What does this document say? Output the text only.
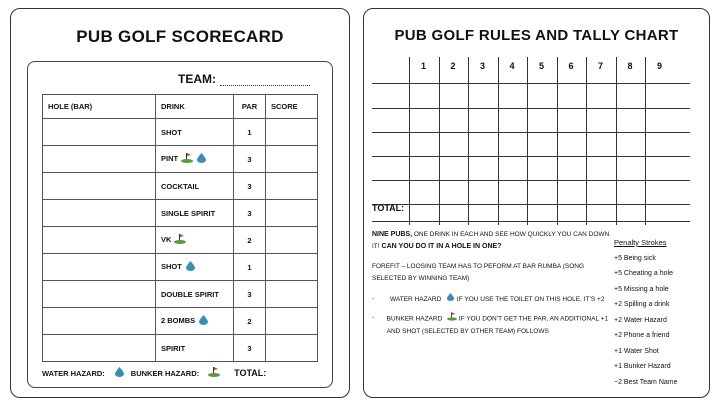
PUB GOLF SCORECARD
TEAM:
HOLE (BAR)	DRINK	PAR	SCORE
	SHOT	1	
	PINT	3	
	COCKTAIL	3	
	SINGLE SPIRIT	3	
	VK	2	
	SHOT	1	
	DOUBLE SPIRIT	3	
	2 BOMBS	2	
	SPIRIT	3	
WATER HAZARD:	BUNKER HAZARD:	TOTAL:
PUB GOLF RULES AND TALLY CHART
1	2	3	4	5	6	7	8	9
TOTAL:

NINE PUBS, ONE DRINK IN EACH AND SEE HOW QUICKLY YOU CAN DOWN IT! CAN YOU DO IT IN A HOLE IN ONE?

FOREFIT – LOOSING TEAM HAS TO PEFORM AT BAR RUMBA (SONG SELECTED BY WINNING TEAM)

-	WATER HAZARD  IF YOU USE THE TOILET ON THIS HOLE, IT’S +2
-	BUNKER HAZARD  IF YOU DON’T GET THE PAR, AN ADDITIONAL +1 AND SHOT (SELECTED BY OTHER TEAM) FOLLOWS
Penalty Strokes
+5 Being sick
+5 Cheating a hole
+5 Missing a hole
+2 Spilling a drink
+2 Water Hazard
+2 Phone a friend
+1 Water Shot
+1 Bunker Hazard
−2 Best Team Name
